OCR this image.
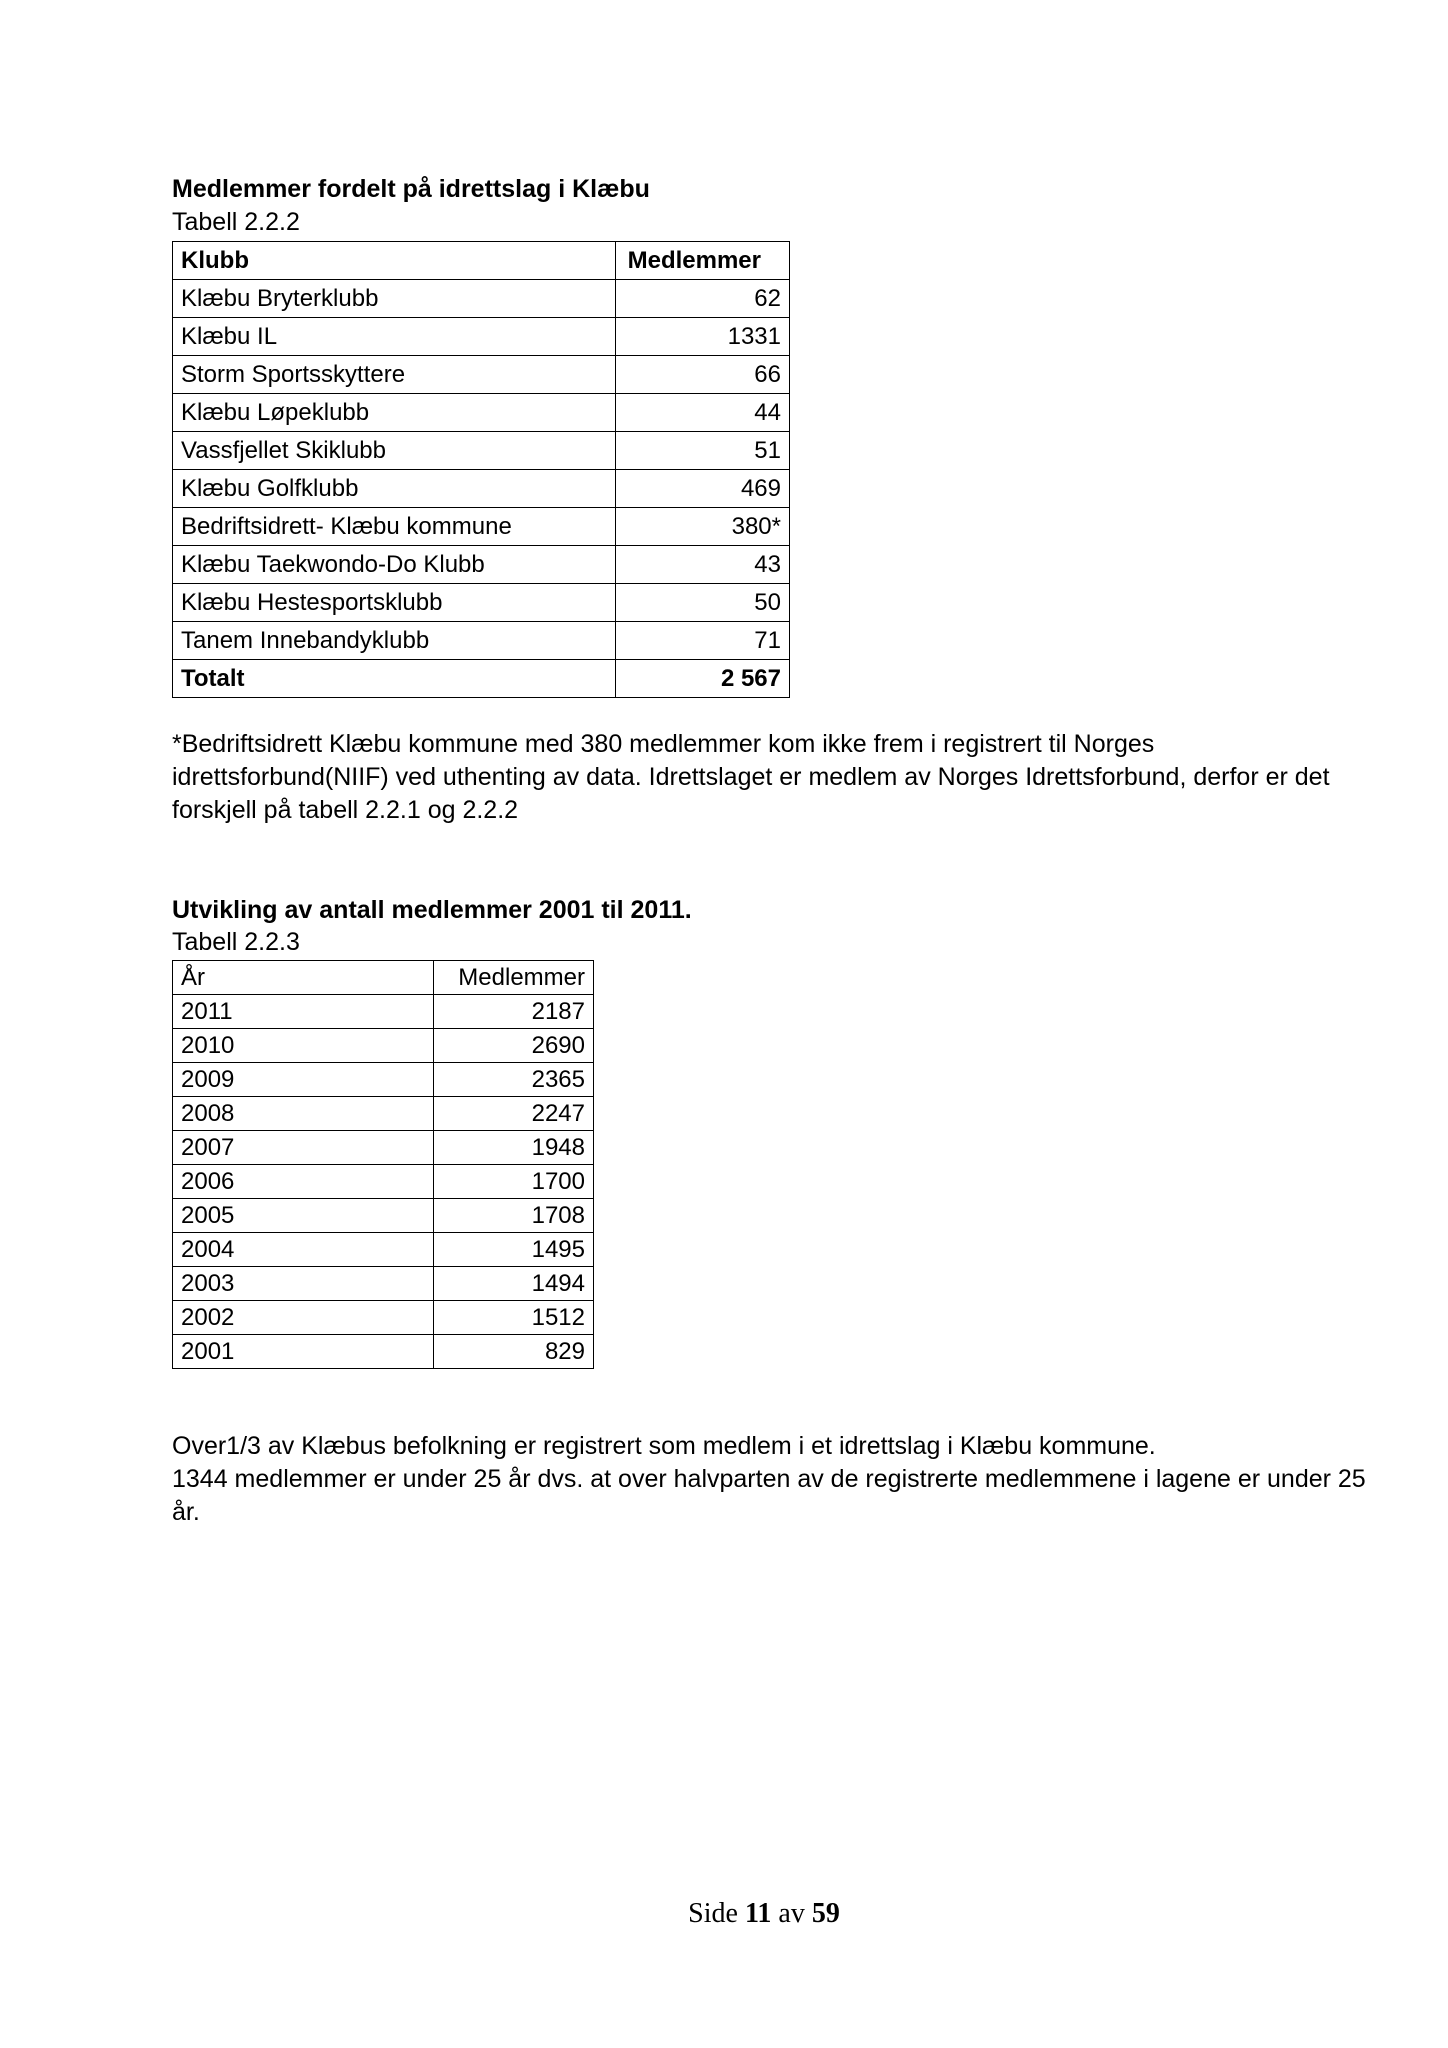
Medlemmer fordelt på idrettslag i Klæbu
Tabell 2.2.2
Klubb	Medlemmer
Klæbu Bryterklubb	62
Klæbu IL	1331
Storm Sportsskyttere	66
Klæbu Løpeklubb	44
Vassfjellet Skiklubb	51
Klæbu Golfklubb	469
Bedriftsidrett- Klæbu kommune	380*
Klæbu Taekwondo-Do Klubb	43
Klæbu Hestesportsklubb	50
Tanem Innebandyklubb	71
Totalt	2 567
*Bedriftsidrett Klæbu kommune med 380 medlemmer kom ikke frem i registrert til Norges
idrettsforbund(NIIF) ved uthenting av data. Idrettslaget er medlem av Norges Idrettsforbund, derfor er det
forskjell på tabell 2.2.1 og 2.2.2
Utvikling av antall medlemmer 2001 til 2011.
Tabell 2.2.3
År	Medlemmer
2011	2187
2010	2690
2009	2365
2008	2247
2007	1948
2006	1700
2005	1708
2004	1495
2003	1494
2002	1512
2001	829
Over1/3 av Klæbus befolkning er registrert som medlem i et idrettslag i Klæbu kommune.
1344 medlemmer er under 25 år dvs. at over halvparten av de registrerte medlemmene i lagene er under 25
år.
Side 11 av 59
